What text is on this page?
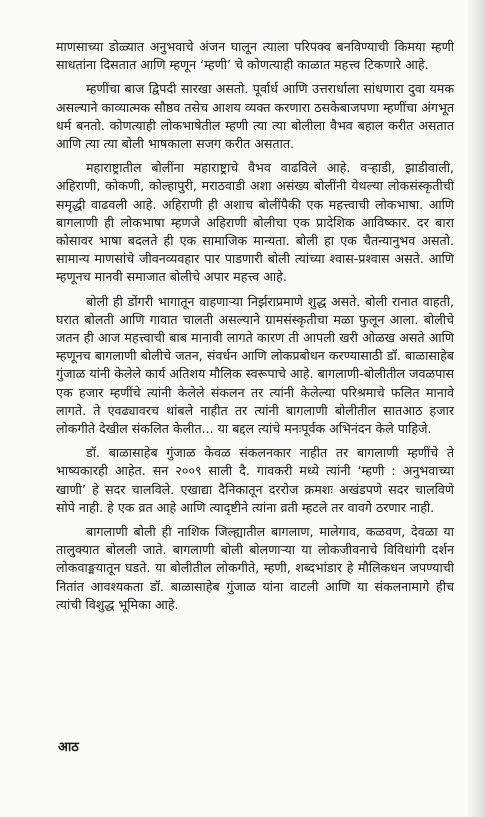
माणसाच्या डोळ्यात अनुभवाचे अंजन घालून त्याला परिपक्व बनविण्याची किमया म्हणी साधतांना दिसतात आणि म्हणून ‘म्हणी’ चे कोणत्याही काळात महत्त्व टिकणारे आहे.

म्हणींचा बाज द्विपदी सारखा असतो. पूर्वार्ध आणि उत्तरार्धाला सांधणारा दुवा यमक असल्याने काव्यात्मक सौष्ठव तसेच आशय व्यक्त करणारा ठसकेबाजपणा म्हणींचा अंगभूत धर्म बनतो. कोणत्याही लोकभाषेतील म्हणी त्या त्या बोलीला वैभव बहाल करीत असतात आणि त्या त्या बोली भाषकाला सजग करीत असतात.

महाराष्ट्रातील बोलींना महाराष्ट्राचे वैभव वाढविले आहे. वऱ्हाडी, झाडीवाली, अहिराणी, कोकणी, कोल्हापुरी, मराठवाडी अशा असंख्य बोलींनी येथल्या लोकसंस्कृतीची समृद्धी वाढवली आहे. अहिराणी ही अशाच बोलींपैकी एक महत्त्वाची लोकभाषा. आणि बागलाणी ही लोकभाषा म्हणजे अहिराणी बोलीचा एक प्रादेशिक आविष्कार. दर बारा कोसावर भाषा बदलते ही एक सामाजिक मान्यता. बोली हा एक चैतन्यानुभव असतो. सामान्य माणसांचे जीवनव्यवहार पार पाडणारी बोली त्यांच्या श्वास-प्रश्वास असते. आणि म्हणूनच मानवी समाजात बोलीचे अपार महत्त्व आहे.

बोली ही डोंगरी भागातून वाहणाऱ्या निर्झराप्रमाणे शुद्ध असते. बोली रानात वाहती, घरात बोलती आणि गावात चालती असल्याने ग्रामसंस्कृतीचा मळा फुलून आला. बोलीचे जतन ही आज महत्त्वाची बाब मानावी लागते कारण ती आपली खरी ओळख असते आणि म्हणूनच बागलाणी बोलीचे जतन, संवर्धन आणि लोकप्रबोधन करण्यासाठी डॉ. बाळासाहेब गुंजाळ यांनी केलेले कार्य अतिशय मौलिक स्वरूपाचे आहे. बागलाणी-बोलीतील जवळपास एक हजार म्हणींचे त्यांनी केलेले संकलन तर त्यांनी केलेल्या परिश्रमाचे फलित मानावे लागते. ते एवढ्यावरच थांबले नाहीत तर त्यांनी बागलाणी बोलीतील सातआठ हजार लोकगीते देखील संकलित केलीत... या बद्दल त्यांचे मनःपूर्वक अभिनंदन केले पाहिजे.

डॉ. बाळासाहेब गुंजाळ केवळ संकलनकार नाहीत तर बागलाणी म्हणींचे ते भाष्यकारही आहेत. सन २००९ साली दै. गावकरी मध्ये त्यांनी ‘म्हणी : अनुभवाच्या खाणी’ हे सदर चालविले. एखाद्या दैनिकातून दररोज क्रमशः अखंडपणे सदर चालविणे सोपे नाही. हे एक व्रत आहे आणि त्यादृष्टीने त्यांना व्रती म्हटले तर वावगे ठरणार नाही.

बागलाणी बोली ही नाशिक जिल्ह्यातील बागलाण, मालेगाव, कळवण, देवळा या तालुक्यात बोलली जाते. बागलाणी बोली बोलणाऱ्या या लोकजीवनाचे विविधांगी दर्शन लोकवाङ्मयातून घडते. या बोलीतील लोकगीते, म्हणी, शब्दभांडार हे मौलिकधन जपण्याची नितांत आवश्यकता डॉ. बाळासाहेब गुंजाळ यांना वाटली आणि या संकलनामागे हीच त्यांची विशुद्ध भूमिका आहे.

आठ
